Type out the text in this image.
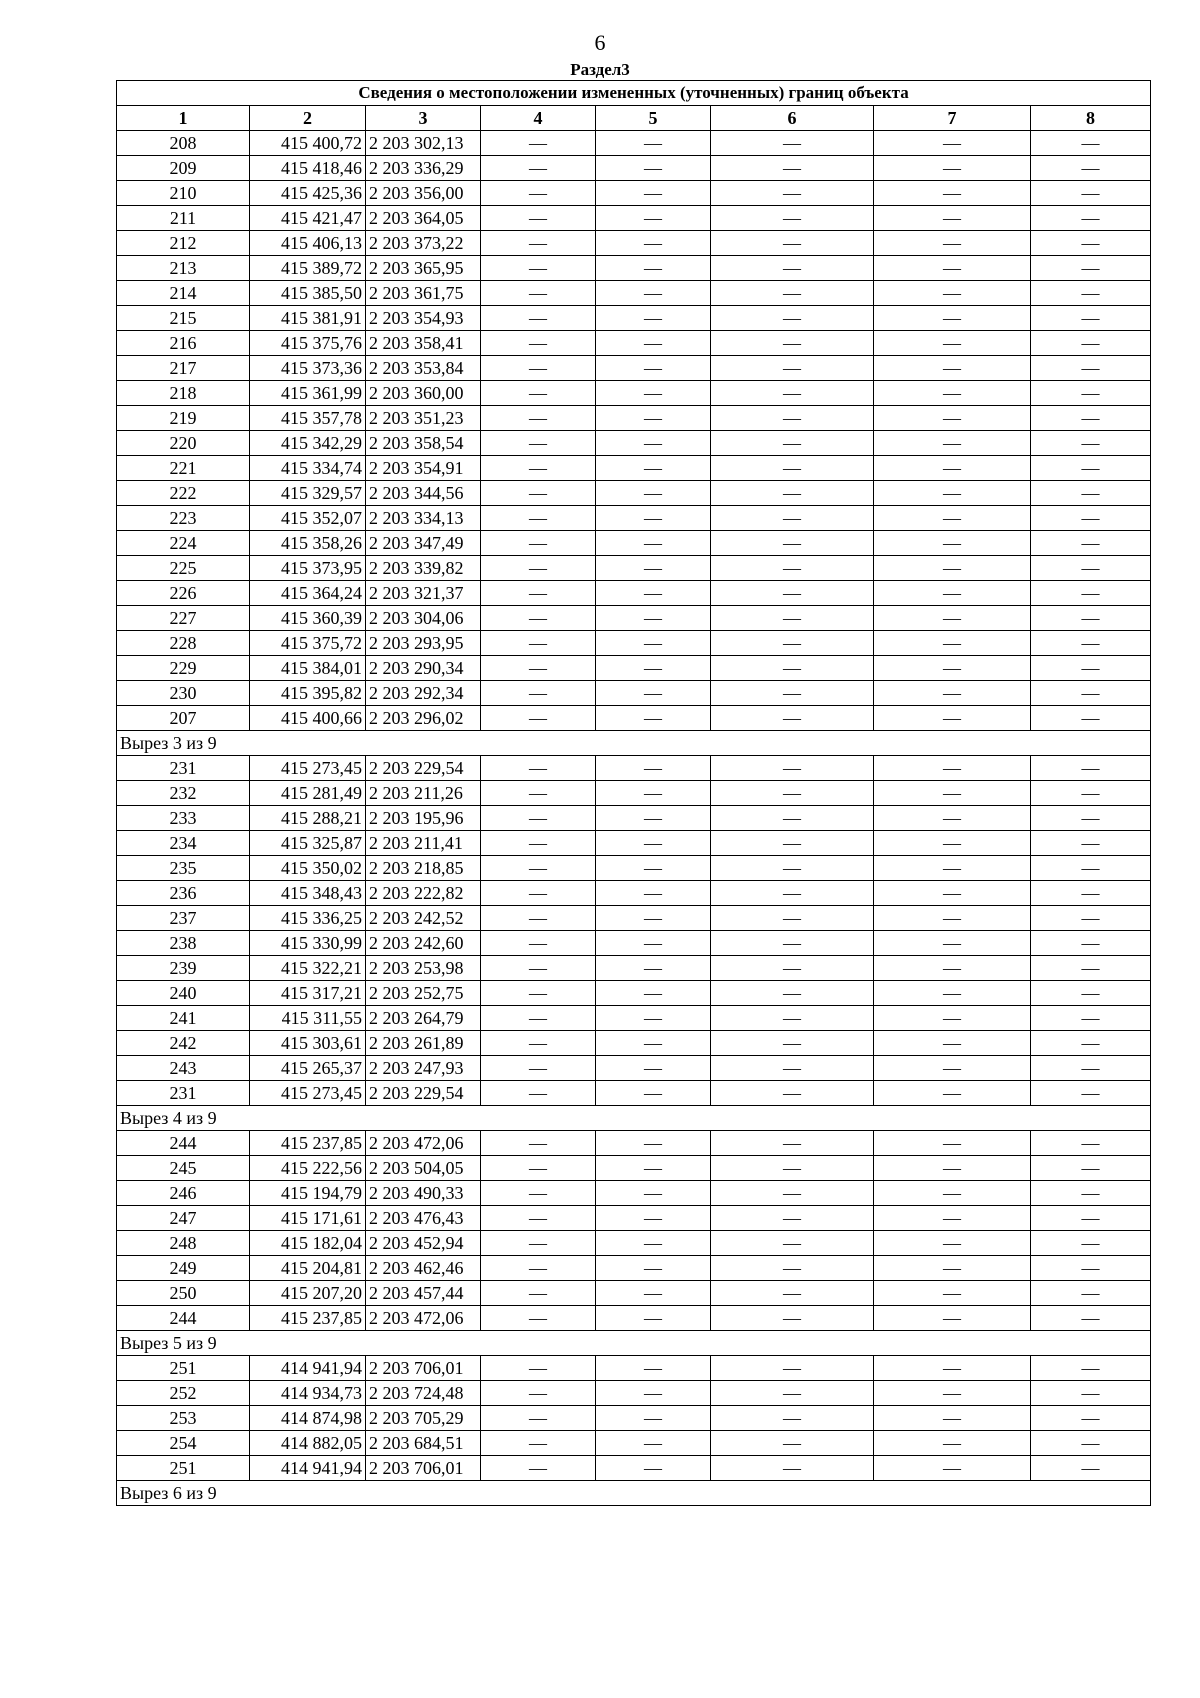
6
Раздел3
Сведения о местоположении измененных (уточненных) границ объекта							
1	2	3	4	5	6	7	8
208	415 400,72	2 203 302,13	—	—	—	—	—
209	415 418,46	2 203 336,29	—	—	—	—	—
210	415 425,36	2 203 356,00	—	—	—	—	—
211	415 421,47	2 203 364,05	—	—	—	—	—
212	415 406,13	2 203 373,22	—	—	—	—	—
213	415 389,72	2 203 365,95	—	—	—	—	—
214	415 385,50	2 203 361,75	—	—	—	—	—
215	415 381,91	2 203 354,93	—	—	—	—	—
216	415 375,76	2 203 358,41	—	—	—	—	—
217	415 373,36	2 203 353,84	—	—	—	—	—
218	415 361,99	2 203 360,00	—	—	—	—	—
219	415 357,78	2 203 351,23	—	—	—	—	—
220	415 342,29	2 203 358,54	—	—	—	—	—
221	415 334,74	2 203 354,91	—	—	—	—	—
222	415 329,57	2 203 344,56	—	—	—	—	—
223	415 352,07	2 203 334,13	—	—	—	—	—
224	415 358,26	2 203 347,49	—	—	—	—	—
225	415 373,95	2 203 339,82	—	—	—	—	—
226	415 364,24	2 203 321,37	—	—	—	—	—
227	415 360,39	2 203 304,06	—	—	—	—	—
228	415 375,72	2 203 293,95	—	—	—	—	—
229	415 384,01	2 203 290,34	—	—	—	—	—
230	415 395,82	2 203 292,34	—	—	—	—	—
207	415 400,66	2 203 296,02	—	—	—	—	—
Вырез 3 из 9							
231	415 273,45	2 203 229,54	—	—	—	—	—
232	415 281,49	2 203 211,26	—	—	—	—	—
233	415 288,21	2 203 195,96	—	—	—	—	—
234	415 325,87	2 203 211,41	—	—	—	—	—
235	415 350,02	2 203 218,85	—	—	—	—	—
236	415 348,43	2 203 222,82	—	—	—	—	—
237	415 336,25	2 203 242,52	—	—	—	—	—
238	415 330,99	2 203 242,60	—	—	—	—	—
239	415 322,21	2 203 253,98	—	—	—	—	—
240	415 317,21	2 203 252,75	—	—	—	—	—
241	415 311,55	2 203 264,79	—	—	—	—	—
242	415 303,61	2 203 261,89	—	—	—	—	—
243	415 265,37	2 203 247,93	—	—	—	—	—
231	415 273,45	2 203 229,54	—	—	—	—	—
Вырез 4 из 9							
244	415 237,85	2 203 472,06	—	—	—	—	—
245	415 222,56	2 203 504,05	—	—	—	—	—
246	415 194,79	2 203 490,33	—	—	—	—	—
247	415 171,61	2 203 476,43	—	—	—	—	—
248	415 182,04	2 203 452,94	—	—	—	—	—
249	415 204,81	2 203 462,46	—	—	—	—	—
250	415 207,20	2 203 457,44	—	—	—	—	—
244	415 237,85	2 203 472,06	—	—	—	—	—
Вырез 5 из 9							
251	414 941,94	2 203 706,01	—	—	—	—	—
252	414 934,73	2 203 724,48	—	—	—	—	—
253	414 874,98	2 203 705,29	—	—	—	—	—
254	414 882,05	2 203 684,51	—	—	—	—	—
251	414 941,94	2 203 706,01	—	—	—	—	—
Вырез 6 из 9							
